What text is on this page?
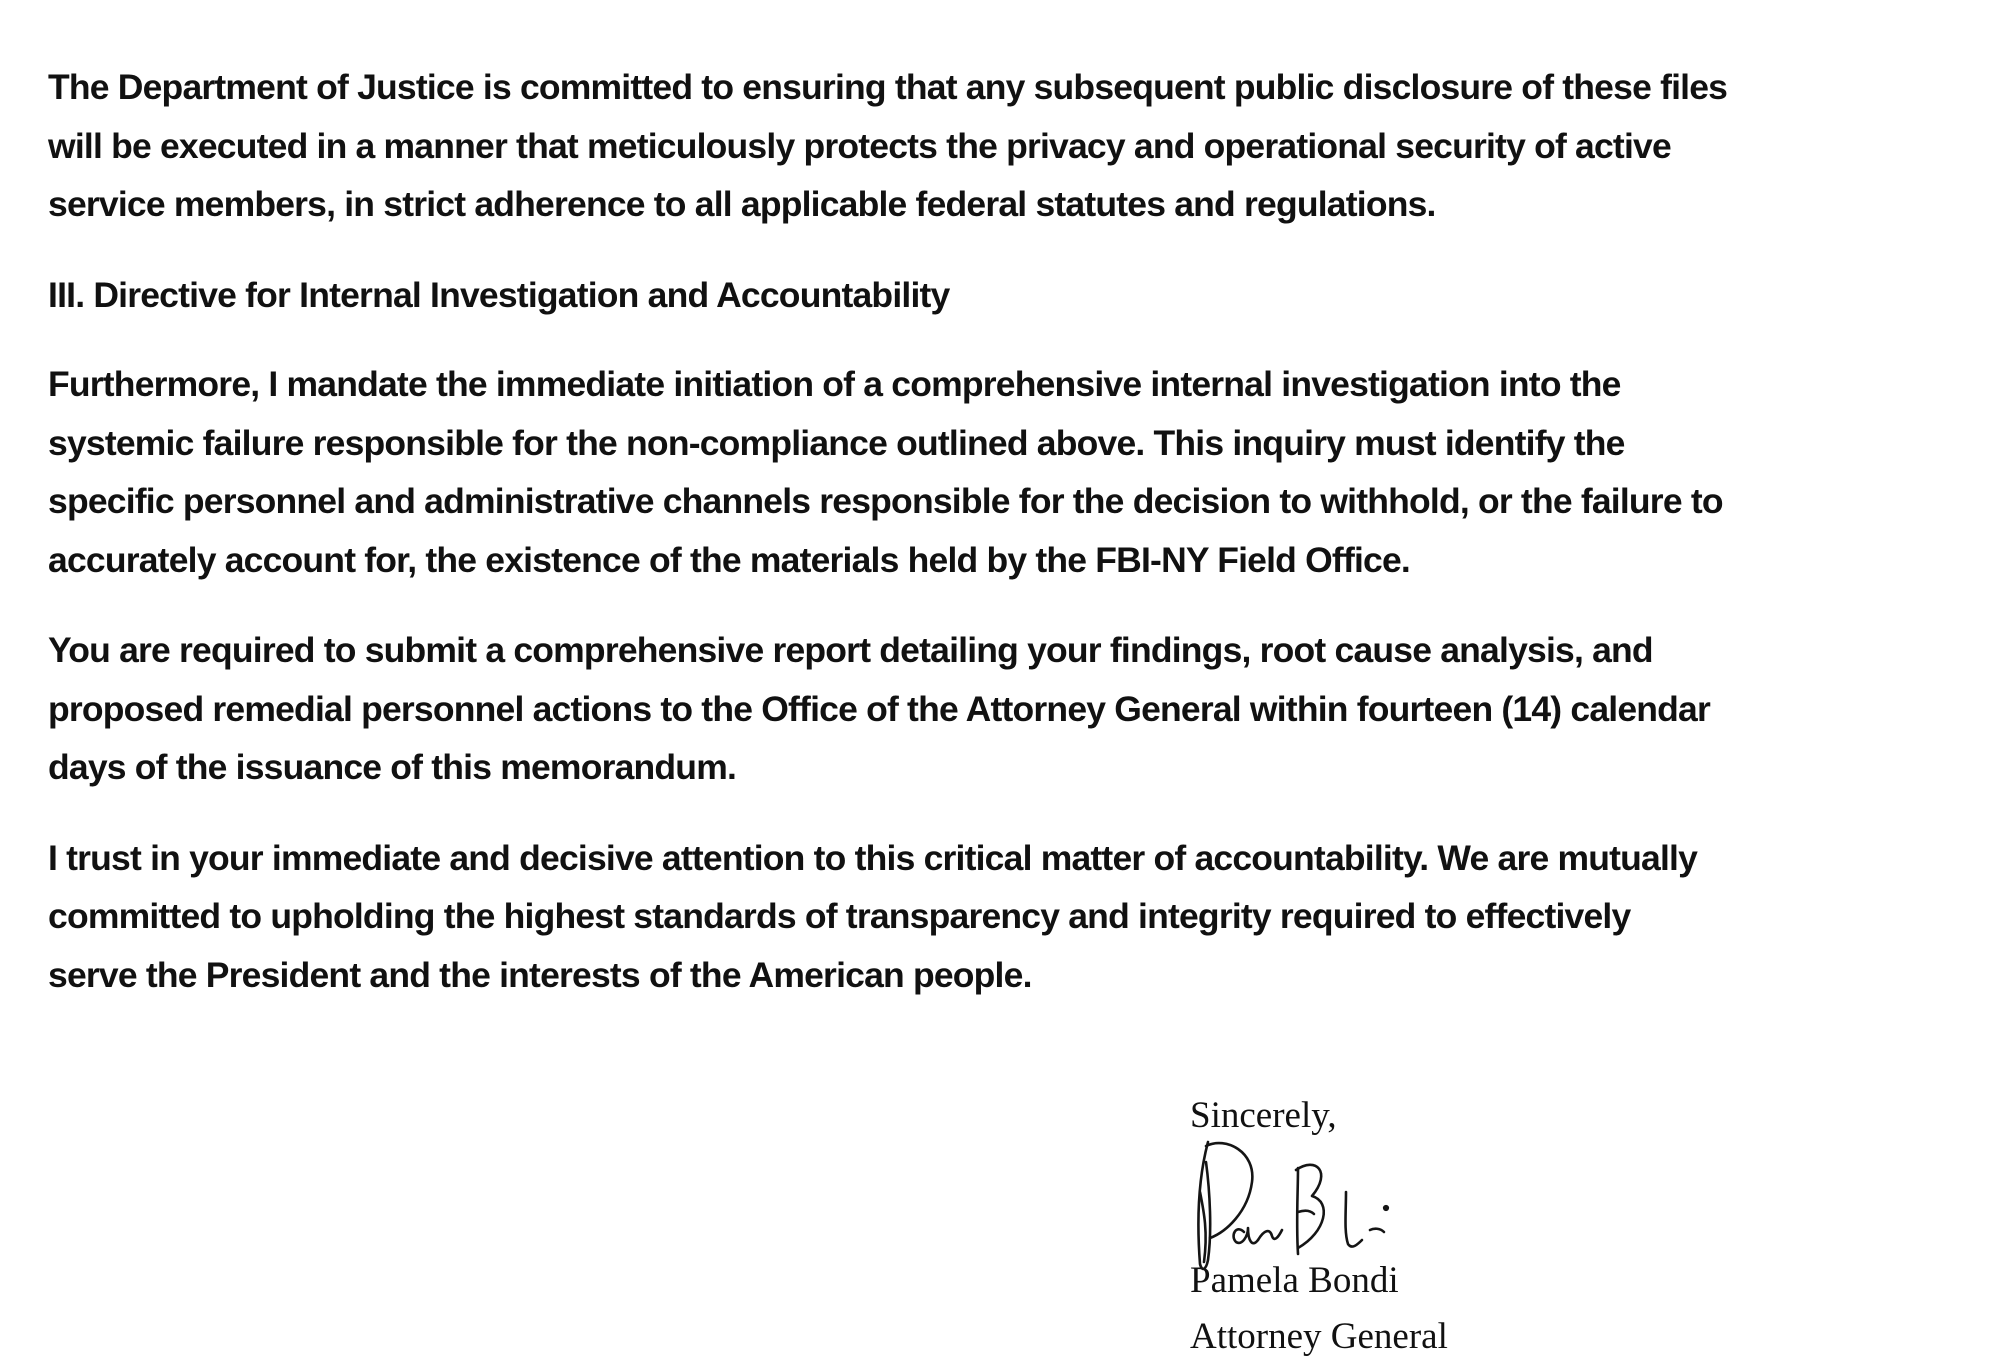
The Department of Justice is committed to ensuring that any subsequent public disclosure of these files
will be executed in a manner that meticulously protects the privacy and operational security of active
service members, in strict adherence to all applicable federal statutes and regulations.

III. Directive for Internal Investigation and Accountability

Furthermore, I mandate the immediate initiation of a comprehensive internal investigation into the
systemic failure responsible for the non-compliance outlined above. This inquiry must identify the
specific personnel and administrative channels responsible for the decision to withhold, or the failure to
accurately account for, the existence of the materials held by the FBI-NY Field Office.

You are required to submit a comprehensive report detailing your findings, root cause analysis, and
proposed remedial personnel actions to the Office of the Attorney General within fourteen (14) calendar
days of the issuance of this memorandum.

I trust in your immediate and decisive attention to this critical matter of accountability. We are mutually
committed to upholding the highest standards of transparency and integrity required to effectively
serve the President and the interests of the American people.

Sincerely,
Pamela Bondi
Attorney General
